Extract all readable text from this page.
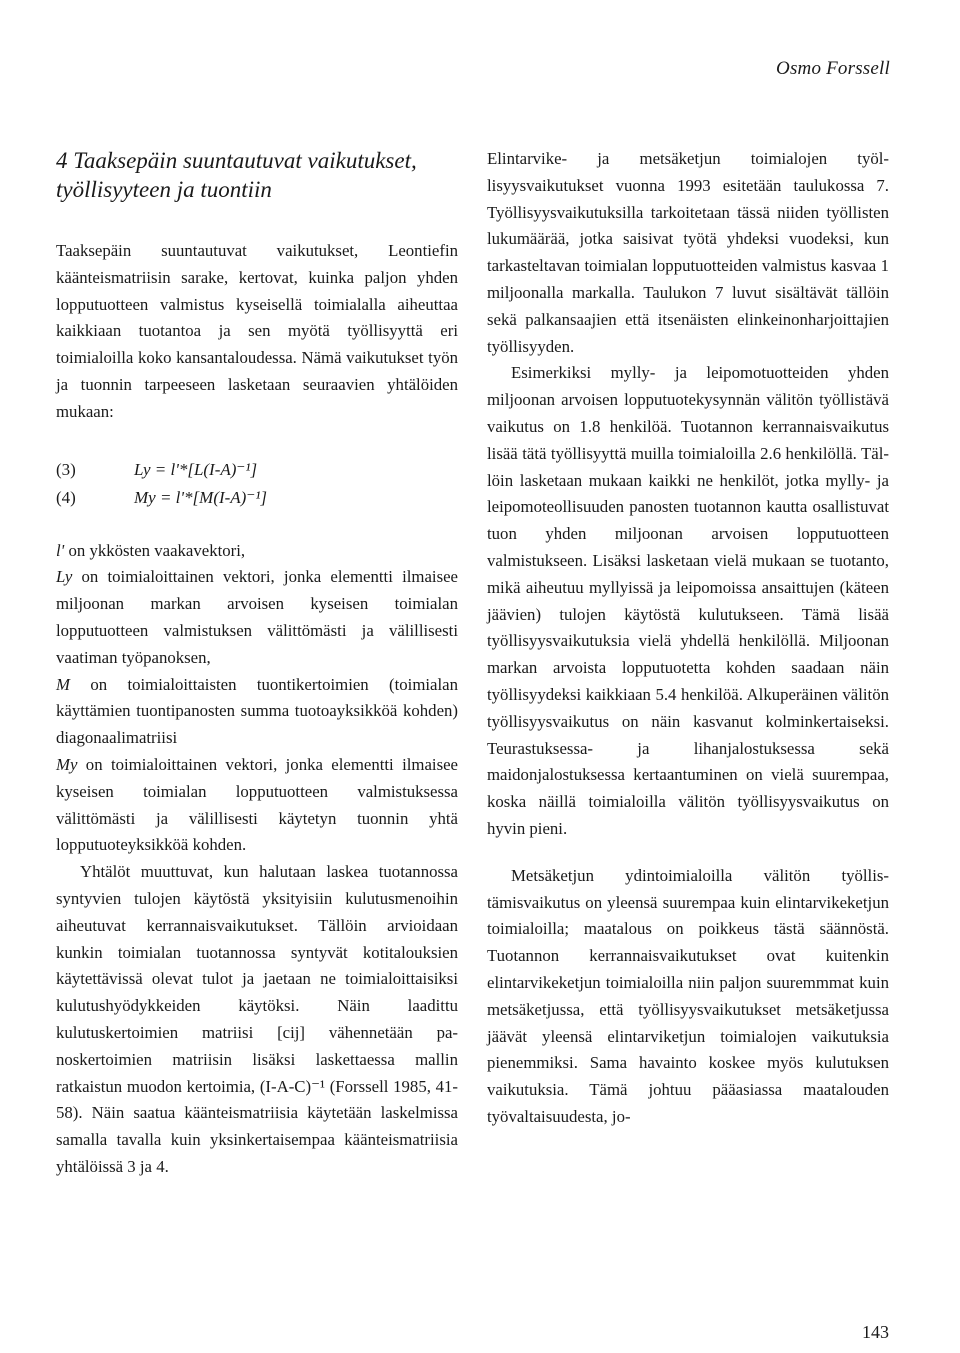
Osmo Forssell
4 Taaksepäin suuntautuvat vaikutukset,
työllisyyteen ja tuontiin

Taaksepäin suuntautuvat vaikutukset, Leontiefin käänteismatriisin sarake, kertovat, kuinka paljon yhden lopputuotteen valmistus kyseisellä toimialalla aiheuttaa kaikkiaan tuotantoa ja sen myötä työllisyyttä eri toimialoilla koko kansantaloudessa. Nämä vaikutukset työn ja tuonnin tarpeeseen lasketaan seuraavien yhtälöiden mukaan:

(3)	Ly = l'*[L(I-A)⁻¹]
(4)	My = l'*[M(I-A)⁻¹]

l' on ykkösten vaakavektori,

Ly on toimialoittainen vektori, jonka elementti ilmaisee miljoonan markan arvoisen kyseisen toimialan lopputuotteen valmistuksen välittömästi ja välillisesti vaatiman työpanoksen,

M on toimialoittaisten tuontikertoimien (toimialan käyttämien tuontipanosten summa tuotoayksikköä kohden) diagonaalimatriisi

My on toimialoittainen vektori, jonka elementti ilmaisee kyseisen toimialan lopputuotteen valmistuksessa välittömästi ja välillisesti käytetyn tuonnin yhtä lopputuoteyksikköä kohden.

Yhtälöt muuttuvat, kun halutaan laskea tuotannossa syntyvien tulojen käytöstä yksityisiin kulutusmenoihin aiheutuvat kerrannaisvaikutukset. Tällöin arvioidaan kunkin toimialan tuotannossa syntyvät kotitalouksien käytettävissä olevat tulot ja jaetaan ne toimialoittaisiksi kulutushyödykkeiden käytöksi. Näin laadittu kulutuskertoimien matriisi [cij] vähennetään panoskertoimien matriisin lisäksi laskettaessa mallin ratkaistun muodon kertoimia, (I-A-C)⁻¹ (Forssell 1985, 41-58). Näin saatua käänteismatriisia käytetään laskelmissa samalla tavalla kuin yksinkertaisempaa käänteismatriisia yhtälöissä 3 ja 4.

Elintarvike- ja metsäketjun toimialojen työllisyysvaikutukset vuonna 1993 esitetään taulukossa 7. Työllisyysvaikutuksilla tarkoitetaan tässä niiden työllisten lukumäärää, jotka saisivat työtä yhdeksi vuodeksi, kun tarkasteltavan toimialan lopputuotteiden valmistus kasvaa 1 miljoonalla markalla. Taulukon 7 luvut sisältävät tällöin sekä palkansaajien että itsenäisten elinkeinonharjoittajien työllisyyden.

Esimerkiksi mylly- ja leipomotuotteiden yhden miljoonan arvoisen lopputuotekysynnän välitön työllistävä vaikutus on 1.8 henkilöä. Tuotannon kerrannaisvaikutus lisää tätä työllisyyttä muilla toimialoilla 2.6 henkilöllä. Tällöin lasketaan mukaan kaikki ne henkilöt, jotka mylly- ja leipomoteollisuuden panosten tuotannon kautta osallistuvat tuon yhden miljoonan arvoisen lopputuotteen valmistukseen. Lisäksi lasketaan vielä mukaan se tuotanto, mikä aiheutuu myllyissä ja leipomoissa ansaittujen (käteen jäävien) tulojen käytöstä kulutukseen. Tämä lisää työllisyysvaikutuksia vielä yhdellä henkilöllä. Miljoonan markan arvoista lopputuotetta kohden saadaan näin työllisyydeksi kaikkiaan 5.4 henkilöä. Alkuperäinen välitön työllisyysvaikutus on näin kasvanut kolminkertaiseksi. Teurastuksessa- ja lihanjalostuksessa sekä maidonjalostuksessa kertaantuminen on vielä suurempaa, koska näillä toimialoilla välitön työllisyysvaikutus on hyvin pieni.

Metsäketjun ydintoimialoilla välitön työllistämisvaikutus on yleensä suurempaa kuin elintarvikeketjun toimialoilla; maatalous on poikkeus tästä säännöstä. Tuotannon kerrannaisvaikutukset ovat kuitenkin elintarvikeketjun toimialoilla niin paljon suuremmmat kuin metsäketjussa, että työllisyysvaikutukset metsäketjussa jäävät yleensä elintarviketjun toimialojen vaikutuksia pienemmiksi. Sama havainto koskee myös kulutuksen vaikutuksia. Tämä johtuu pääasiassa maatalouden työvaltaisuudesta, jo-

143
